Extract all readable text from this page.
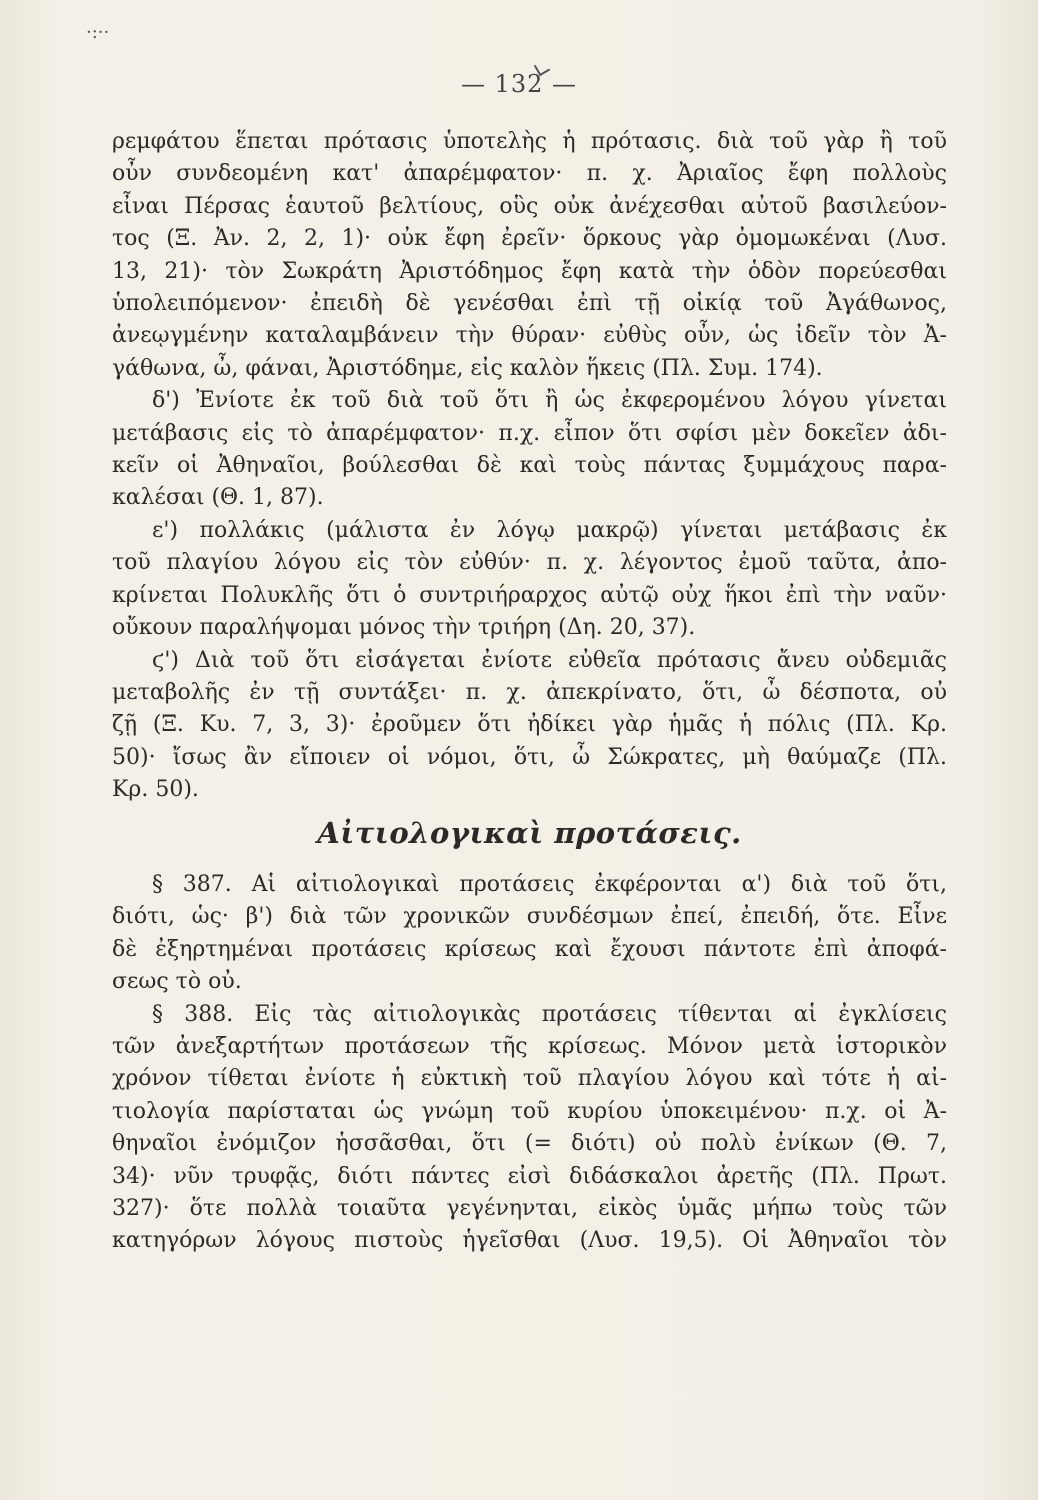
·:··
— 132 —

ρεμφάτου ἕπεται πρότασις ὑποτελὴς ἡ πρότασις. διὰ τοῦ γὰρ ἢ τοῦ

οὖν συνδεομένη κατ' ἀπαρέμφατον· π. χ. Ἀριαῖος ἔφη πολλοὺς

εἶναι Πέρσας ἑαυτοῦ βελτίους, οὓς οὐκ ἀνέχεσθαι αὐτοῦ βασιλεύον-

τος (Ξ. Ἀν. 2, 2, 1)· οὐκ ἔφη ἐρεῖν· ὅρκους γὰρ ὀμομωκέναι (Λυσ.

13, 21)· τὸν Σωκράτη Ἀριστόδημος ἔφη κατὰ τὴν ὁδὸν πορεύεσθαι

ὑπολειπόμενον· ἐπειδὴ δὲ γενέσθαι ἐπὶ τῇ οἰκίᾳ τοῦ Ἀγάθωνος,

ἀνεῳγμένην καταλαμβάνειν τὴν θύραν· εὐθὺς οὖν, ὡς ἰδεῖν τὸν Ἀ-

γάθωνα, ὦ, φάναι, Ἀριστόδημε, εἰς καλὸν ἥκεις (Πλ. Συμ. 174).

δ') Ἐνίοτε ἐκ τοῦ διὰ τοῦ ὅτι ἢ ὡς ἐκφερομένου λόγου γίνεται

μετάβασις εἰς τὸ ἀπαρέμφατον· π.χ. εἶπον ὅτι σφίσι μὲν δοκεῖεν ἀδι-

κεῖν οἱ Ἀθηναῖοι, βούλεσθαι δὲ καὶ τοὺς πάντας ξυμμάχους παρα-

καλέσαι (Θ. 1, 87).

ε') πολλάκις (μάλιστα ἐν λόγῳ μακρῷ) γίνεται μετάβασις ἐκ

τοῦ πλαγίου λόγου εἰς τὸν εὐθύν· π. χ. λέγοντος ἐμοῦ ταῦτα, ἀπο-

κρίνεται Πολυκλῆς ὅτι ὁ συντριήραρχος αὐτῷ οὐχ ἥκοι ἐπὶ τὴν ναῦν·

οὔκουν παραλήψομαι μόνος τὴν τριήρη (Δη. 20, 37).

ϛ') Διὰ τοῦ ὅτι εἰσάγεται ἐνίοτε εὐθεῖα πρότασις ἄνευ οὐδεμιᾶς

μεταβολῆς ἐν τῇ συντάξει· π. χ. ἀπεκρίνατο, ὅτι, ὦ δέσποτα, οὐ

ζῇ (Ξ. Κυ. 7, 3, 3)· ἐροῦμεν ὅτι ἠδίκει γὰρ ἡμᾶς ἡ πόλις (Πλ. Κρ.

50)· ἴσως ἂν εἴποιεν οἱ νόμοι, ὅτι, ὦ Σώκρατες, μὴ θαύμαζε (Πλ.

Κρ. 50).

Αἰτιολογικαὶ προτάσεις.

§ 387. Αἱ αἰτιολογικαὶ προτάσεις ἐκφέρονται α') διὰ τοῦ ὅτι,

διότι, ὡς· β') διὰ τῶν χρονικῶν συνδέσμων ἐπεί, ἐπειδή, ὅτε. Εἶνε

δὲ ἐξηρτημέναι προτάσεις κρίσεως καὶ ἔχουσι πάντοτε ἐπὶ ἀποφά-

σεως τὸ οὐ.

§ 388. Εἰς τὰς αἰτιολογικὰς προτάσεις τίθενται αἱ ἐγκλίσεις

τῶν ἀνεξαρτήτων προτάσεων τῆς κρίσεως. Μόνον μετὰ ἱστορικὸν

χρόνον τίθεται ἐνίοτε ἡ εὐκτικὴ τοῦ πλαγίου λόγου καὶ τότε ἡ αἰ-

τιολογία παρίσταται ὡς γνώμη τοῦ κυρίου ὑποκειμένου· π.χ. οἱ Ἀ-

θηναῖοι ἐνόμιζον ἡσσᾶσθαι, ὅτι (= διότι) οὐ πολὺ ἐνίκων (Θ. 7,

34)· νῦν τρυφᾷς, διότι πάντες εἰσὶ διδάσκαλοι ἀρετῆς (Πλ. Πρωτ.

327)· ὅτε πολλὰ τοιαῦτα γεγένηνται, εἰκὸς ὑμᾶς μήπω τοὺς τῶν

κατηγόρων λόγους πιστοὺς ἡγεῖσθαι (Λυσ. 19,5). Οἱ Ἀθηναῖοι τὸν
